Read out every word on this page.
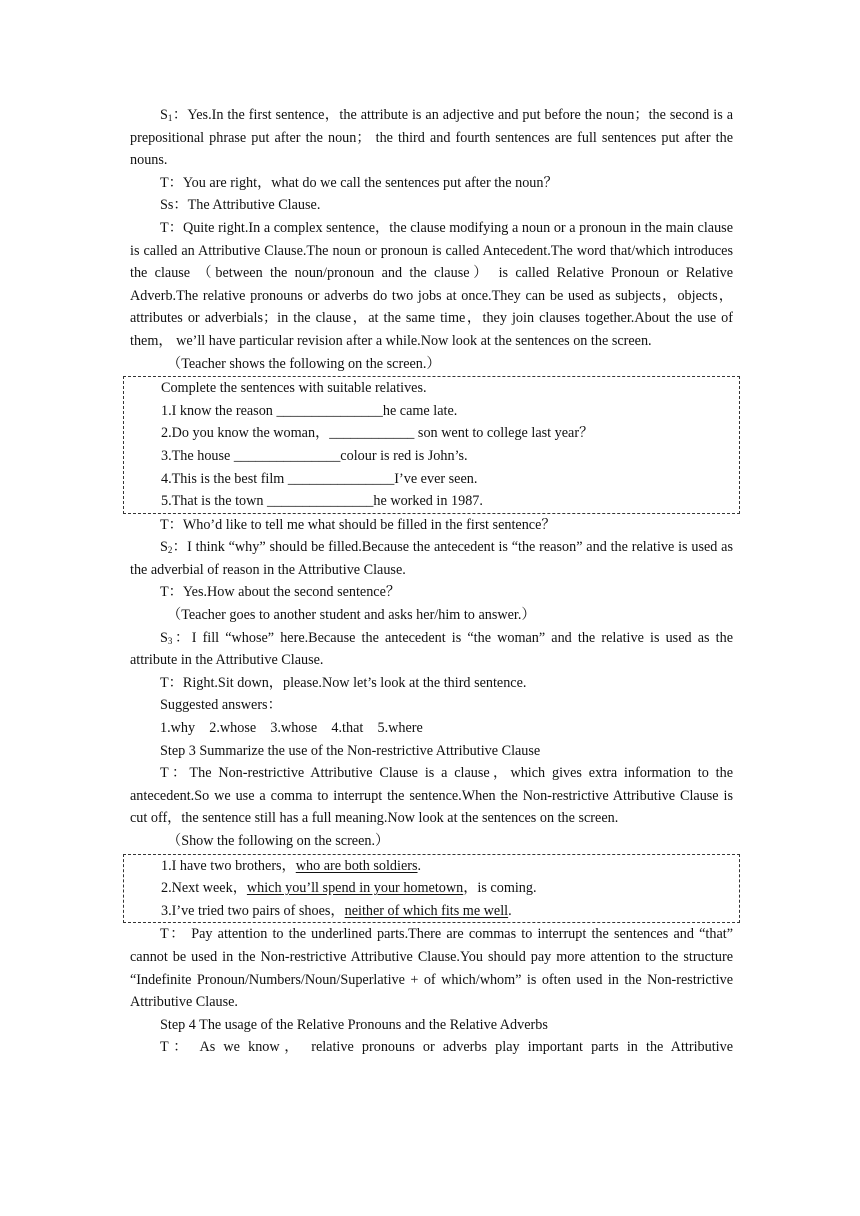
$S_1$：Yes.In the first sentence，the attribute is an adjective and put before the noun；the second is a prepositional phrase put after the noun； the third and fourth sentences are full sentences put after the nouns.

T：You are right，what do we call the sentences put after the noun？

Ss：The Attributive Clause.

T：Quite right.In a complex sentence，the clause modifying a noun or a pronoun in the main clause is called an Attributive Clause.The noun or pronoun is called Antecedent.The word that/which introduces the clause （between the noun/pronoun and the clause） is called Relative Pronoun or Relative Adverb.The relative pronouns or adverbs do two jobs at once.They can be used as subjects，objects，attributes or adverbials；in the clause，at the same time，they join clauses together.About the use of them， we’ll have particular revision after a while.Now look at the sentences on the screen.

（Teacher shows the following on the screen.）

Complete the sentences with suitable relatives.

1.I know the reason _______________he came late.

2.Do you know the woman，____________ son went to college last year？

3.The house _______________colour is red is John’s.

4.This is the best film _______________I’ve ever seen.

5.That is the town _______________he worked in 1987.

T：Who’d like to tell me what should be filled in the first sentence？

$S_2$：I think “why” should be filled.Because the antecedent is “the reason” and the relative is used as the adverbial of reason in the Attributive Clause.

T：Yes.How about the second sentence？

（Teacher goes to another student and asks her/him to answer.）

$S_3$：I fill “whose” here.Because the antecedent is “the woman” and the relative is used as the attribute in the Attributive Clause.

T：Right.Sit down，please.Now let’s look at the third sentence.

Suggested answers：

1.why　2.whose　3.whose　4.that　5.where

Step 3 Summarize the use of the Non-restrictive Attributive Clause

T：The Non-restrictive Attributive Clause is a clause，which gives extra information to the antecedent.So we use a comma to interrupt the sentence.When the Non-restrictive Attributive Clause is cut off，the sentence still has a full meaning.Now look at the sentences on the screen.

（Show the following on the screen.）

1.I have two brothers，who are both soldiers.

2.Next week，which you’ll spend in your hometown，is coming.

3.I’ve tried two pairs of shoes，neither of which fits me well.

T： Pay attention to the underlined parts.There are commas to interrupt the sentences and “that” cannot be used in the Non-restrictive Attributive Clause.You should pay more attention to the structure “Indefinite Pronoun/Numbers/Noun/Superlative + of which/whom” is often used in the Non-restrictive Attributive Clause.

Step 4 The usage of the Relative Pronouns and the Relative Adverbs

T： As we know， relative pronouns or adverbs play important parts in the Attributive
